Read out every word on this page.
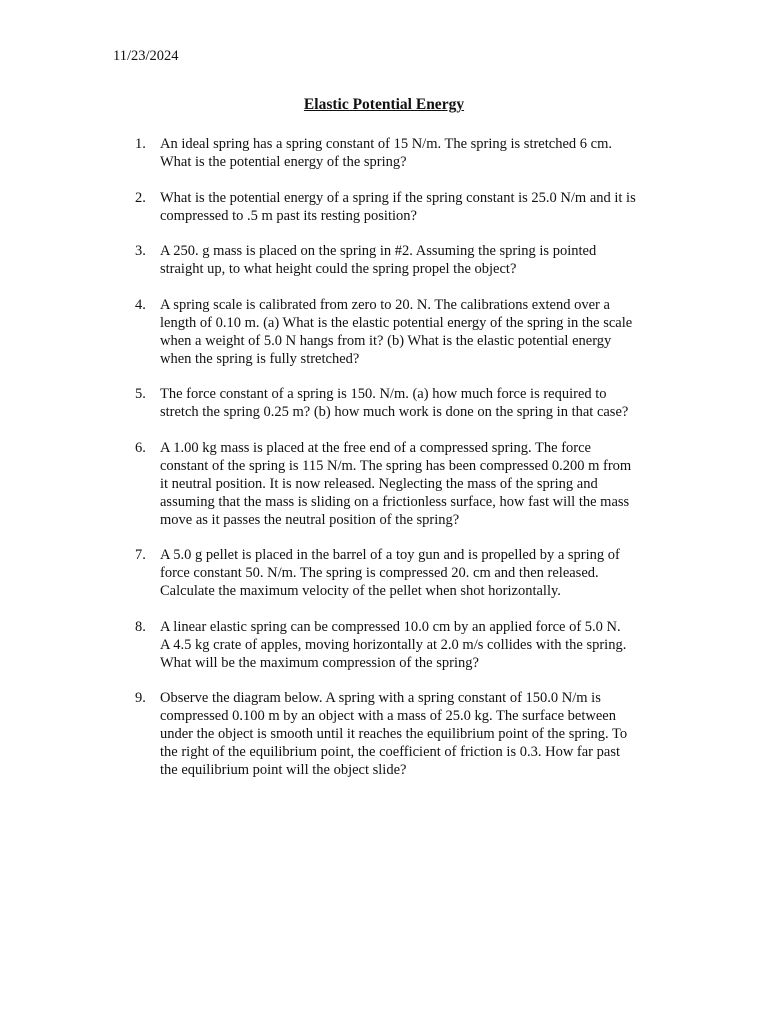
11/23/2024
Elastic Potential Energy
1. An ideal spring has a spring constant of 15 N/m. The spring is stretched 6 cm.
What is the potential energy of the spring?
2. What is the potential energy of a spring if the spring constant is 25.0 N/m and it is
compressed to .5 m past its resting position?
3. A 250. g mass is placed on the spring in #2. Assuming the spring is pointed
straight up, to what height could the spring propel the object?
4. A spring scale is calibrated from zero to 20. N. The calibrations extend over a
length of 0.10 m. (a) What is the elastic potential energy of the spring in the scale
when a weight of 5.0 N hangs from it? (b) What is the elastic potential energy
when the spring is fully stretched?
5. The force constant of a spring is 150. N/m. (a) how much force is required to
stretch the spring 0.25 m? (b) how much work is done on the spring in that case?
6. A 1.00 kg mass is placed at the free end of a compressed spring. The force
constant of the spring is 115 N/m. The spring has been compressed 0.200 m from
it neutral position. It is now released. Neglecting the mass of the spring and
assuming that the mass is sliding on a frictionless surface, how fast will the mass
move as it passes the neutral position of the spring?
7. A 5.0 g pellet is placed in the barrel of a toy gun and is propelled by a spring of
force constant 50. N/m. The spring is compressed 20. cm and then released.
Calculate the maximum velocity of the pellet when shot horizontally.
8. A linear elastic spring can be compressed 10.0 cm by an applied force of 5.0 N.
A 4.5 kg crate of apples, moving horizontally at 2.0 m/s collides with the spring.
What will be the maximum compression of the spring?
9. Observe the diagram below. A spring with a spring constant of 150.0 N/m is
compressed 0.100 m by an object with a mass of 25.0 kg. The surface between
under the object is smooth until it reaches the equilibrium point of the spring. To
the right of the equilibrium point, the coefficient of friction is 0.3. How far past
the equilibrium point will the object slide?
